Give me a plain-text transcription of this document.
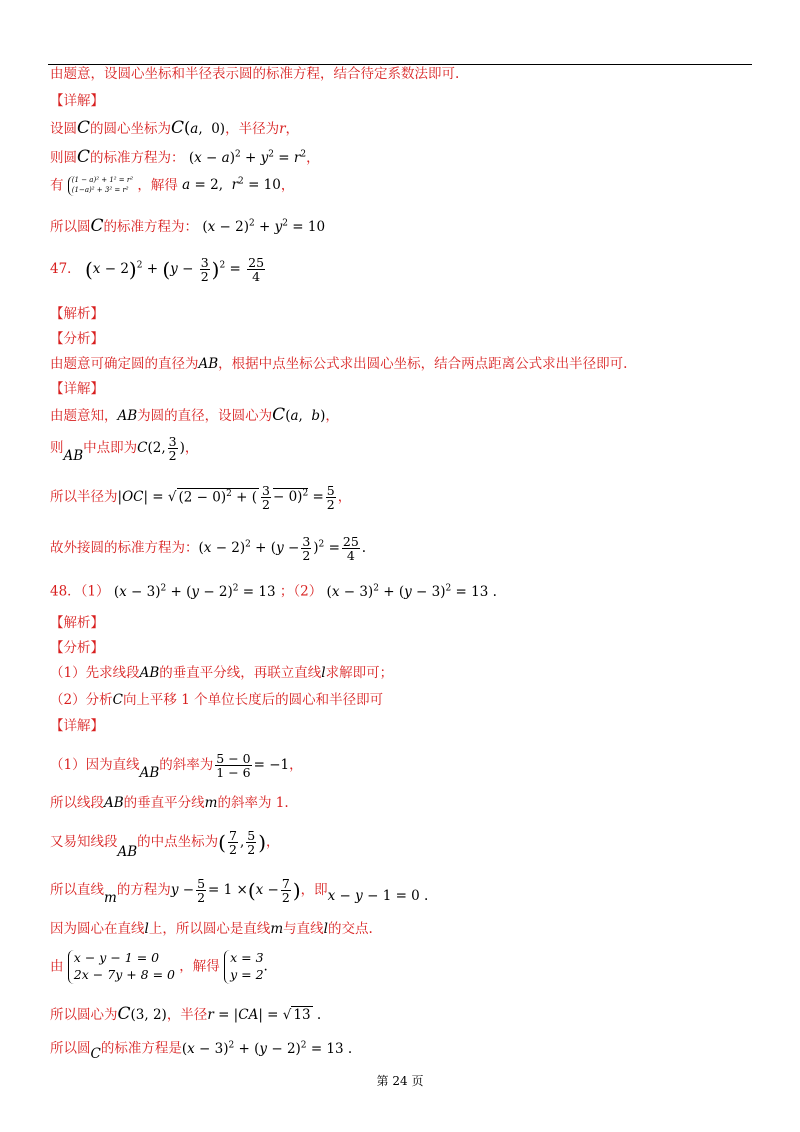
由题意，设圆心坐标和半径表示圆的标准方程，结合待定系数法即可.
【详解】
设圆C的圆心坐标为C(a,  0)，半径为r，
则圆C的标准方程为： $(x - a)^2 + y^2 = r^2$，
有 (1 − a)² + 1² = r²
(1−a)² + 3² = r² ，解得 a = 2,  $r^2 = 10$，
所以圆C的标准方程为： $(x - 2)^2 + y^2 = 10$
47． $(x - 2)^2 + (y - \frac{3}{2} )^2 = \frac{25}{4}$
【解析】
【分析】
由题意可确定圆的直径为AB，根据中点坐标公式求出圆心坐标，结合两点距离公式求出半径即可.
【详解】
由题意知，AB为圆的直径，设圆心为C(a,  b)，
则AB中点即为C(2, $\frac{3}{2}$ )，
所以半径为|OC| = √ $(2 - 0)^2$ + ( $\frac{3}{2} - 0)^2 = \frac{5}{2}$ ，
故外接圆的标准方程为：$(x - 2)^2 + (y - \frac{3}{2} )^2 = \frac{25}{4}$ .
48．（1） $(x - 3)^2 + (y - 2)^2 = 13$ ；（2） $(x - 3)^2 + (y - 3)^2 = 13$ .
【解析】
【分析】
（1）先求线段AB的垂直平分线，再联立直线l求解即可；
（2）分析C向上平移 1 个单位长度后的圆心和半径即可
【详解】
（1）因为直线AB的斜率为 $\frac{5 - 0}{1 - 6} = -1$，
所以线段AB的垂直平分线m的斜率为 1.
又易知线段AB的中点坐标为( $\frac{7}{2}$ , $\frac{5}{2}$ )，
所以直线m的方程为$y - \frac{5}{2} = 1 \times(x - \frac{7}{2}$ )，即x − y − 1 = 0 .
因为圆心在直线l上，所以圆心是直线m与直线l的交点.
由
x − y − 1 = 0
2x − 7y + 8 = 0 ，解得
x = 3
y = 2 .
所以圆心为C(3, 2)，半径r = |CA| = √ 13 .
所以圆C的标准方程是$(x - 3)^2 + (y - 2)^2 = 13$ .
第 24 页
